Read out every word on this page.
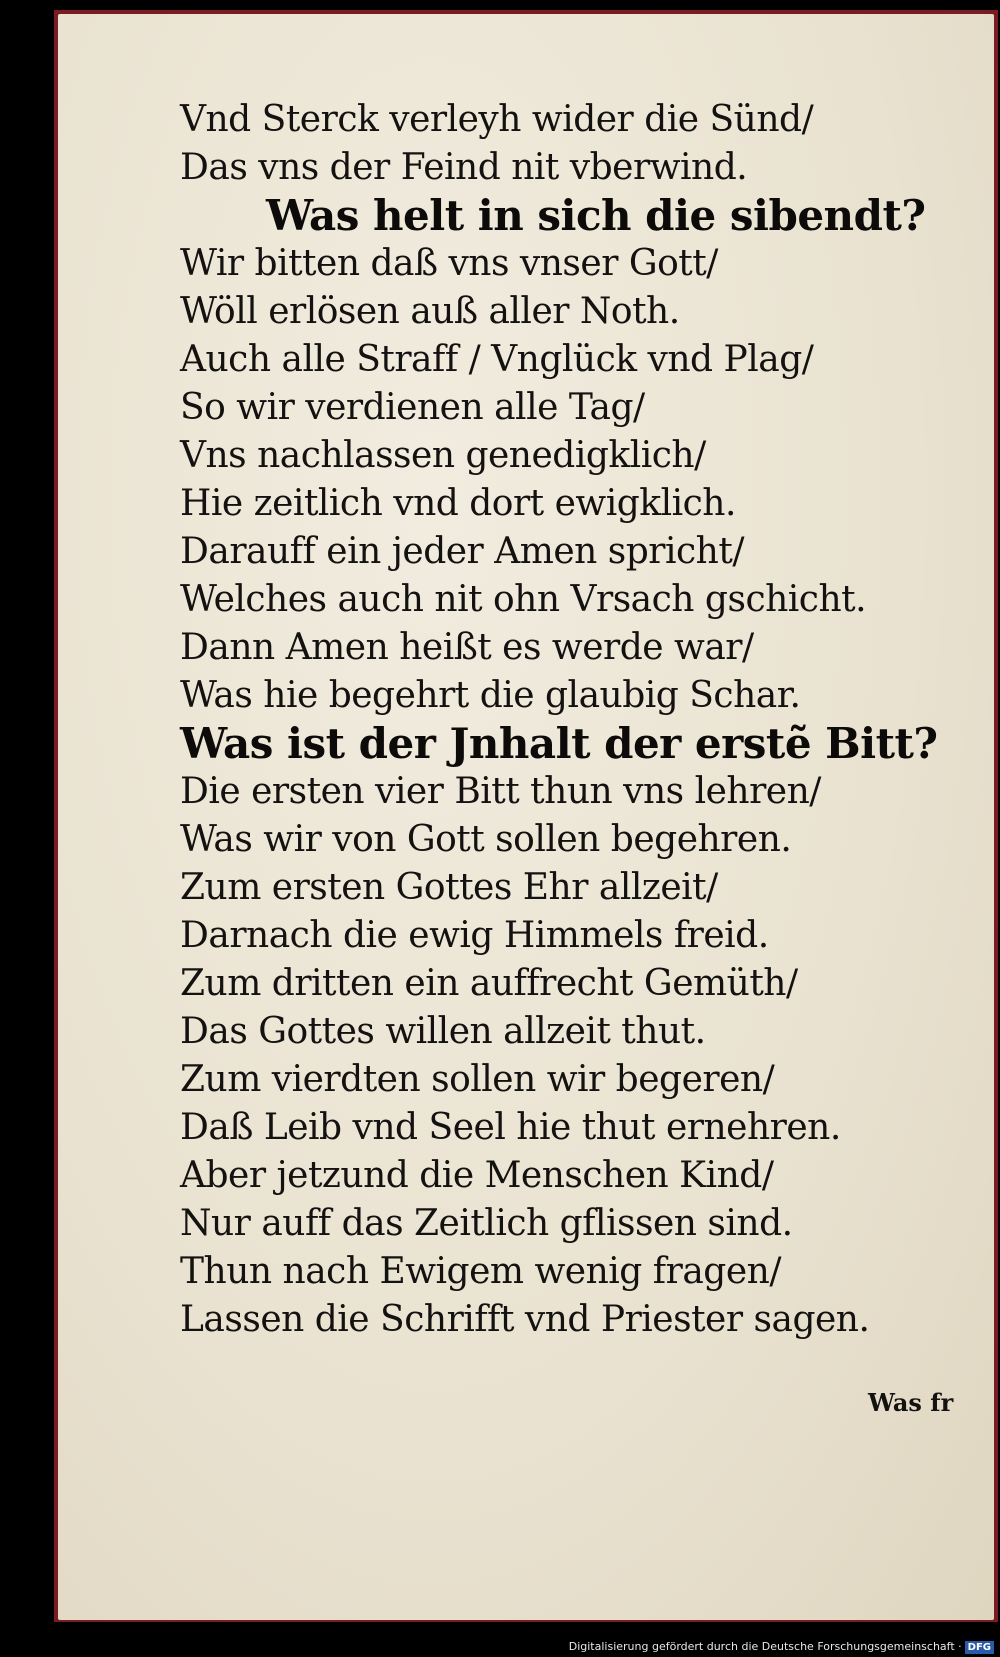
Vnd Sterck verleyh wider die Sünd/
Das vns der Feind nit vberwind.
Was helt in sich die sibendt?
Wir bitten daß vns vnser Gott/
Wöll erlösen auß aller Noth.
Auch alle Straff / Vnglück vnd Plag/
So wir verdienen alle Tag/
Vns nachlassen genedigklich/
Hie zeitlich vnd dort ewigklich.
Darauff ein jeder Amen spricht/
Welches auch nit ohn Vrsach gschicht.
Dann Amen heißt es werde war/
Was hie begehrt die glaubig Schar.
Was ist der Jnhalt der erstẽ Bitt?
Die ersten vier Bitt thun vns lehren/
Was wir von Gott sollen begehren.
Zum ersten Gottes Ehr allzeit/
Darnach die ewig Himmels freid.
Zum dritten ein auffrecht Gemüth/
Das Gottes willen allzeit thut.
Zum vierdten sollen wir begeren/
Daß Leib vnd Seel hie thut ernehren.
Aber jetzund die Menschen Kind/
Nur auff das Zeitlich gflissen sind.
Thun nach Ewigem wenig fragen/
Lassen die Schrifft vnd Priester sagen.
Was fr
Digitalisierung gefördert durch die Deutsche Forschungsgemeinschaft · DFG
